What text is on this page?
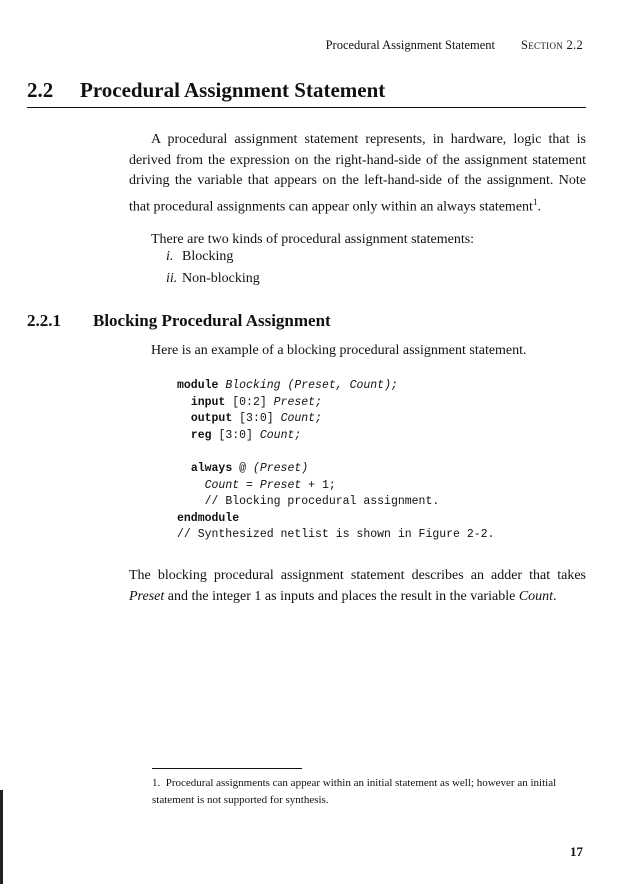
Procedural Assignment Statement Section 2.2
2.2 Procedural Assignment Statement
A procedural assignment statement represents, in hardware, logic that is derived from the expression on the right-hand-side of the assignment statement driving the variable that appears on the left-hand-side of the assignment. Note that procedural assignments can appear only within an always statement$^1$.
There are two kinds of procedural assignment statements:
i. Blocking
ii. Non-blocking
2.2.1 Blocking Procedural Assignment
Here is an example of a blocking procedural assignment statement.
module Blocking (Preset, Count);
input [0:2] Preset;
output [3:0] Count;
reg [3:0] Count;

always @ (Preset)
Count = Preset + 1;
// Blocking procedural assignment.
endmodule
// Synthesized netlist is shown in Figure 2-2.
The blocking procedural assignment statement describes an adder that takes Preset and the integer 1 as inputs and places the result in the variable Count.
1. Procedural assignments can appear within an initial statement as well; however an initial statement is not supported for synthesis.
17
